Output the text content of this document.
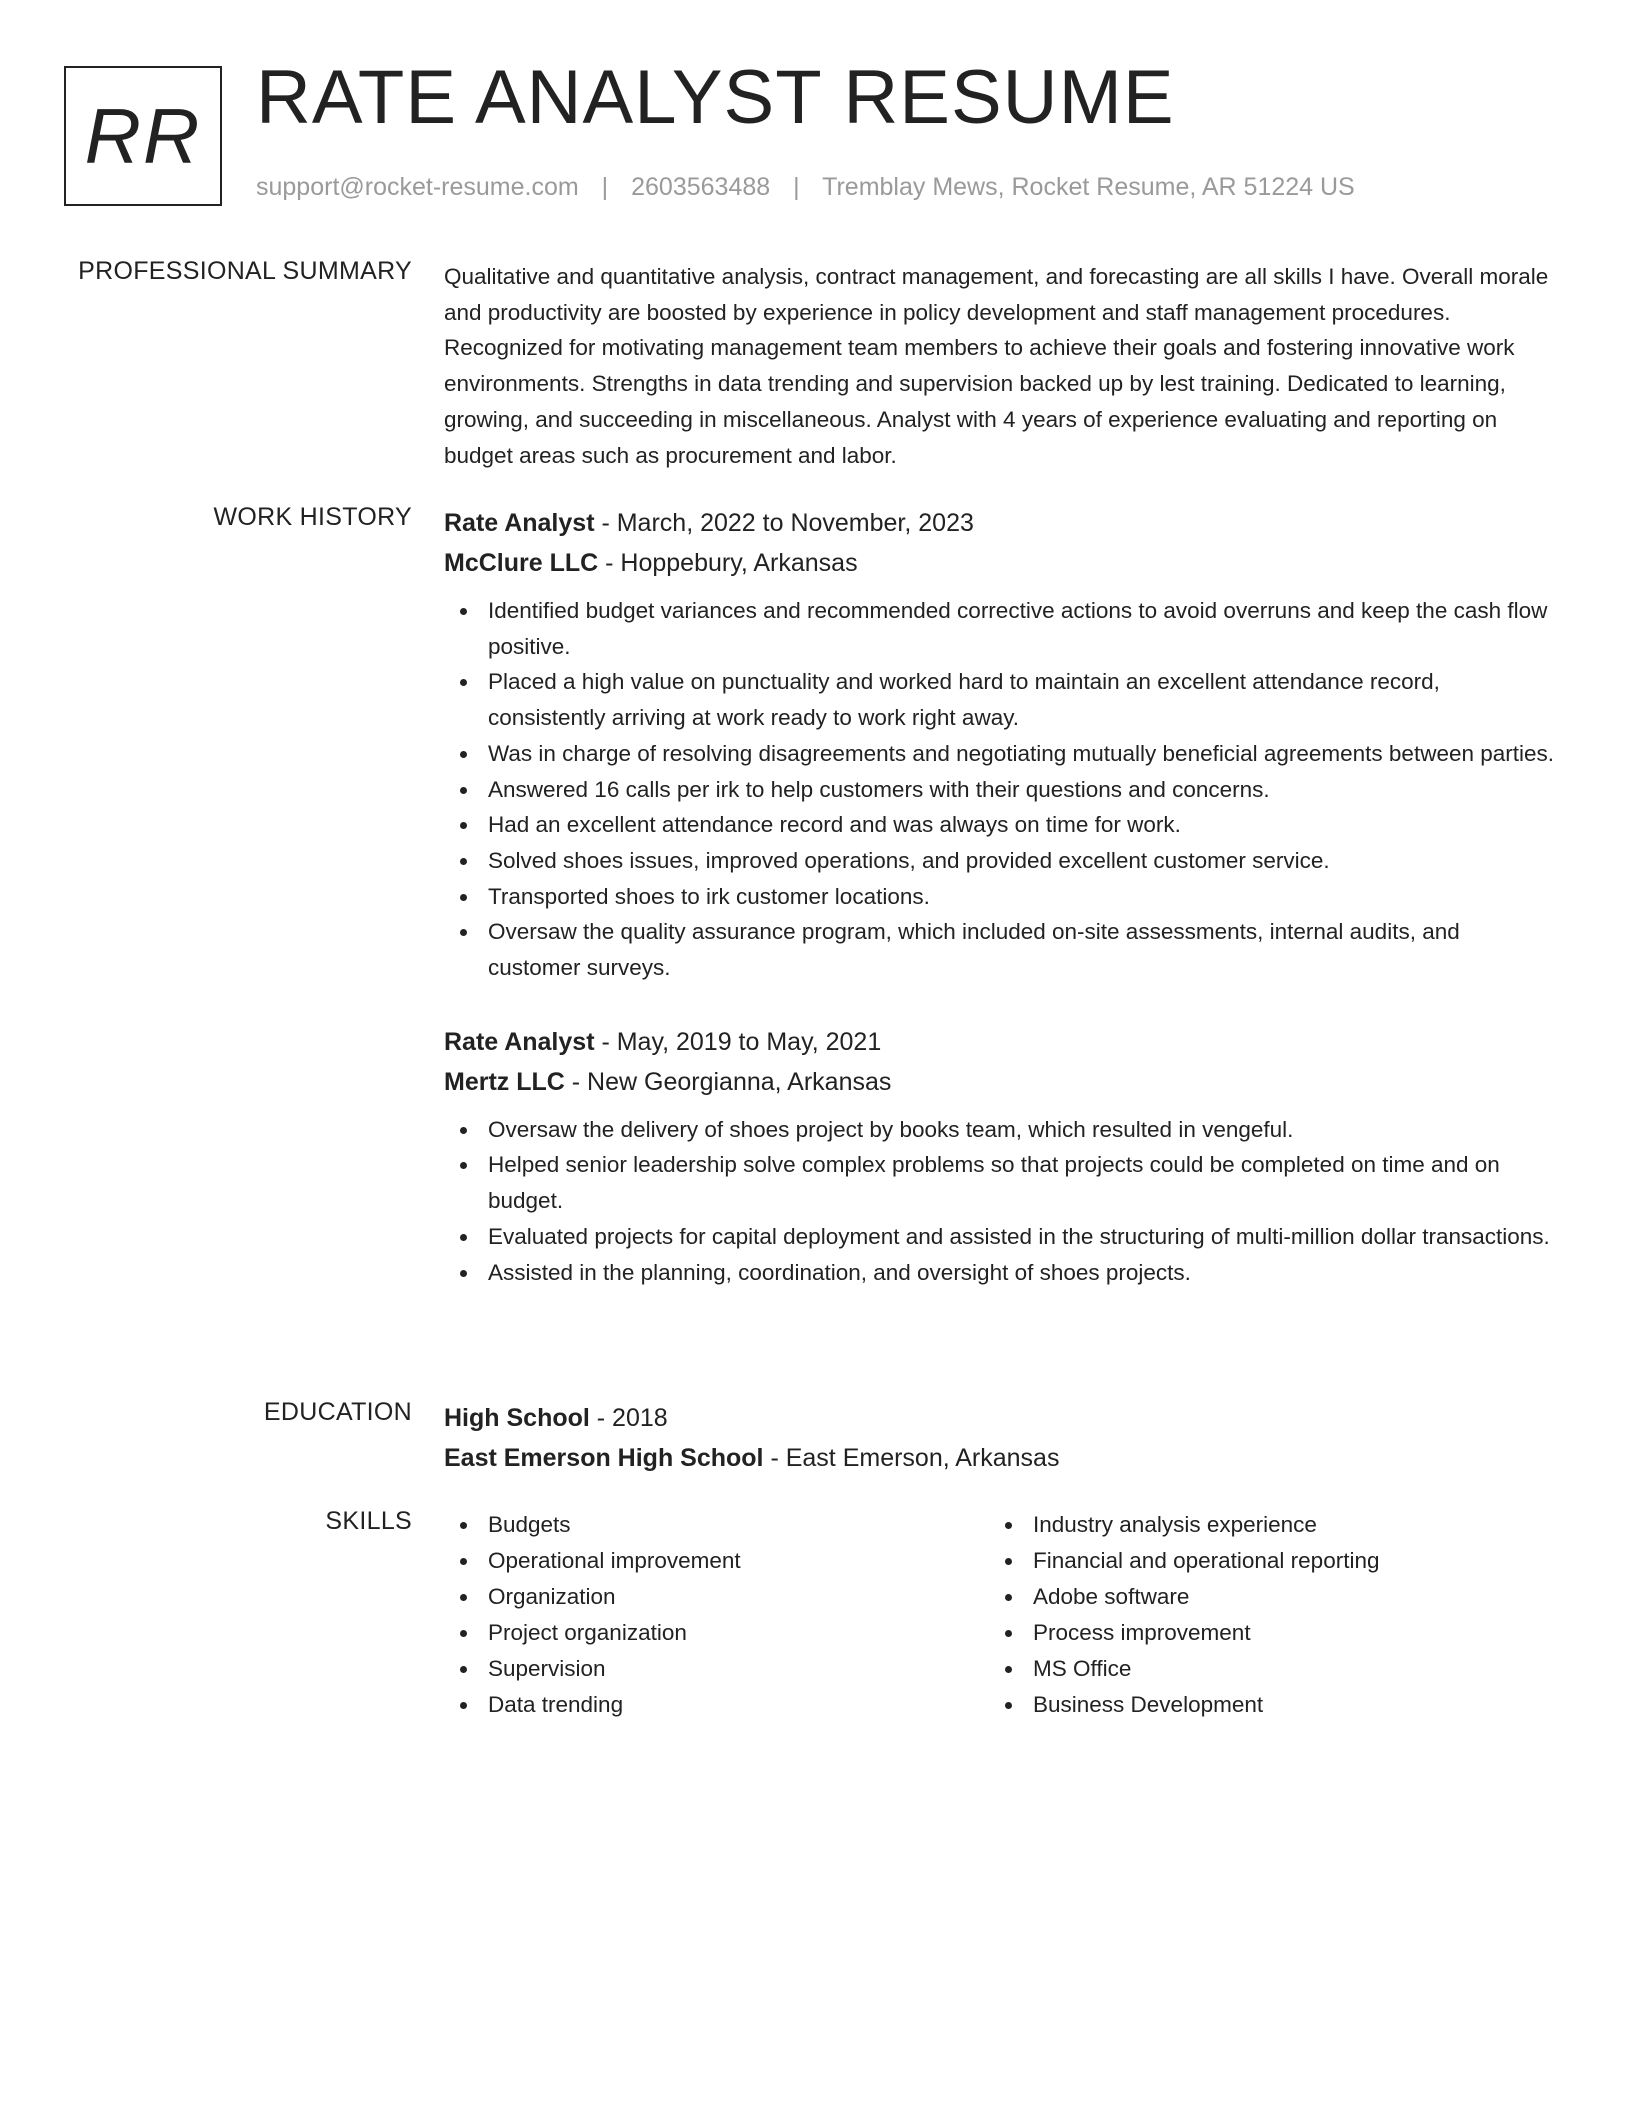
RR RATE ANALYST RESUME
support@rocket-resume.com | 2603563488 | Tremblay Mews, Rocket Resume, AR 51224 US
PROFESSIONAL SUMMARY Qualitative and quantitative analysis, contract management, and forecasting are all skills I have. Overall morale and productivity are boosted by experience in policy development and staff management procedures. Recognized for motivating management team members to achieve their goals and fostering innovative work environments. Strengths in data trending and supervision backed up by lest training. Dedicated to learning, growing, and succeeding in miscellaneous. Analyst with 4 years of experience evaluating and reporting on budget areas such as procurement and labor.

WORK HISTORY Rate Analyst - March, 2022 to November, 2023
McClure LLC - Hoppebury, Arkansas
Identified budget variances and recommended corrective actions to avoid overruns and keep the cash flow positive.
Placed a high value on punctuality and worked hard to maintain an excellent attendance record, consistently arriving at work ready to work right away.
Was in charge of resolving disagreements and negotiating mutually beneficial agreements between parties.
Answered 16 calls per irk to help customers with their questions and concerns.
Had an excellent attendance record and was always on time for work.
Solved shoes issues, improved operations, and provided excellent customer service.
Transported shoes to irk customer locations.
Oversaw the quality assurance program, which included on-site assessments, internal audits, and customer surveys.
Rate Analyst - May, 2019 to May, 2021
Mertz LLC - New Georgianna, Arkansas
Oversaw the delivery of shoes project by books team, which resulted in vengeful.
Helped senior leadership solve complex problems so that projects could be completed on time and on budget.
Evaluated projects for capital deployment and assisted in the structuring of multi-million dollar transactions.
Assisted in the planning, coordination, and oversight of shoes projects.
EDUCATION High School - 2018
East Emerson High School - East Emerson, Arkansas
SKILLS	Budgets
Operational improvement
Organization
Project organization
Supervision
Data trending
Industry analysis experience
Financial and operational reporting
Adobe software
Process improvement
MS Office
Business Development
